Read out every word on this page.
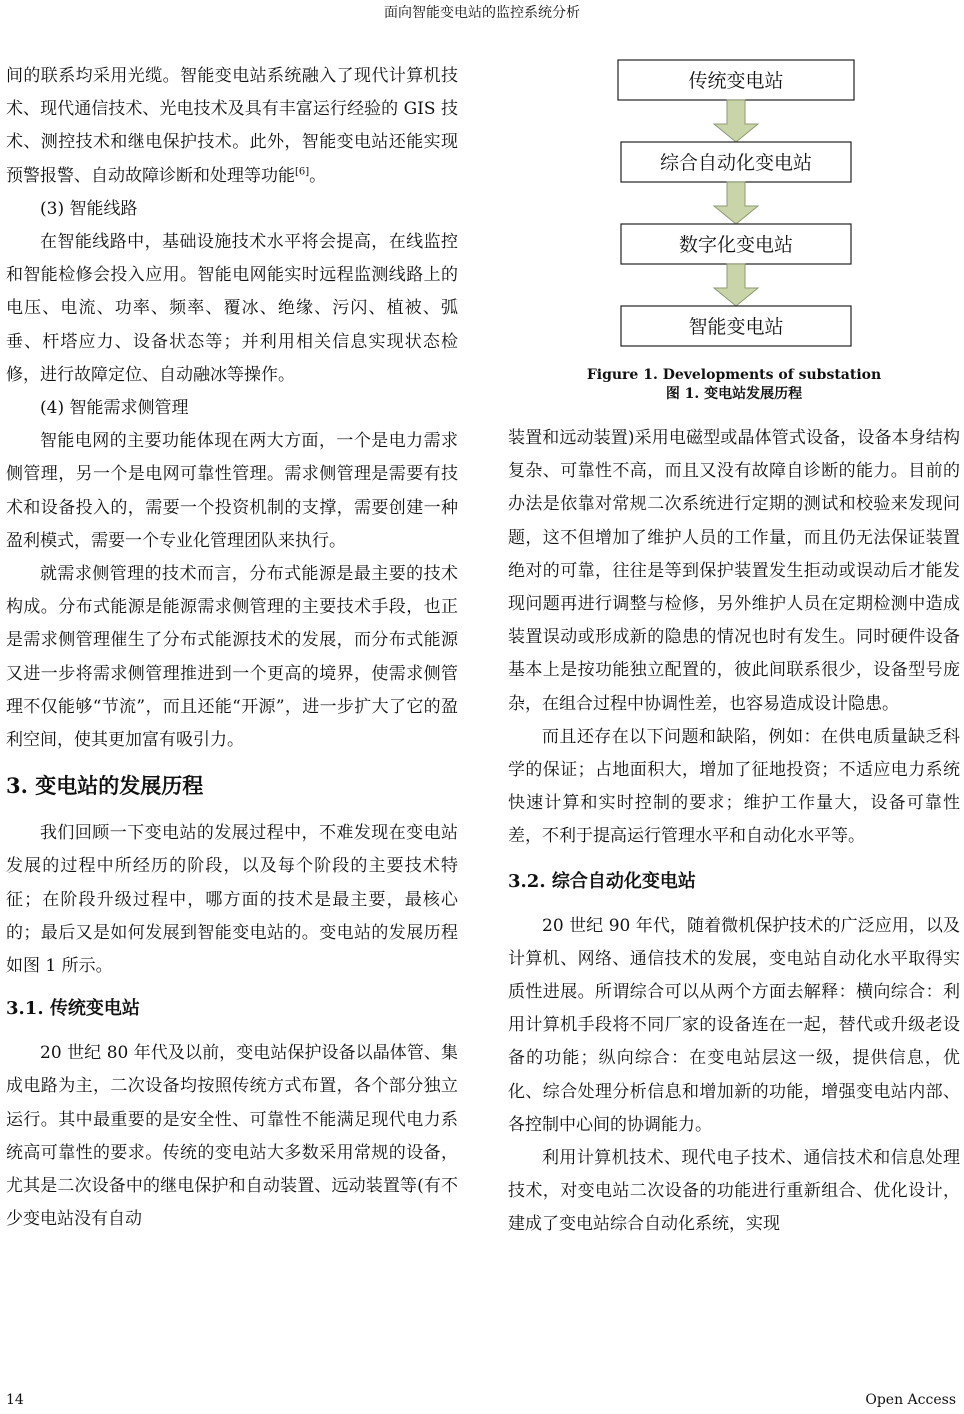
面向智能变电站的监控系统分析

间的联系均采用光缆。智能变电站系统融入了现代计算机技术、现代通信技术、光电技术及具有丰富运行经验的 GIS 技术、测控技术和继电保护技术。此外，智能变电站还能实现预警报警、自动故障诊断和处理等功能[6]。

(3) 智能线路

在智能线路中，基础设施技术水平将会提高，在线监控和智能检修会投入应用。智能电网能实时远程监测线路上的电压、电流、功率、频率、覆冰、绝缘、污闪、植被、弧垂、杆塔应力、设备状态等；并利用相关信息实现状态检修，进行故障定位、自动融冰等操作。

(4) 智能需求侧管理

智能电网的主要功能体现在两大方面，一个是电力需求侧管理，另一个是电网可靠性管理。需求侧管理是需要有技术和设备投入的，需要一个投资机制的支撑，需要创建一种盈利模式，需要一个专业化管理团队来执行。

就需求侧管理的技术而言，分布式能源是最主要的技术构成。分布式能源是能源需求侧管理的主要技术手段，也正是需求侧管理催生了分布式能源技术的发展，而分布式能源又进一步将需求侧管理推进到一个更高的境界，使需求侧管理不仅能够“节流”，而且还能“开源”，进一步扩大了它的盈利空间，使其更加富有吸引力。

3. 变电站的发展历程

我们回顾一下变电站的发展过程中，不难发现在变电站发展的过程中所经历的阶段，以及每个阶段的主要技术特征；在阶段升级过程中，哪方面的技术是最主要，最核心的；最后又是如何发展到智能变电站的。变电站的发展历程如图 1 所示。

3.1. 传统变电站

20 世纪 80 年代及以前，变电站保护设备以晶体管、集成电路为主，二次设备均按照传统方式布置，各个部分独立运行。其中最重要的是安全性、可靠性不能满足现代电力系统高可靠性的要求。传统的变电站大多数采用常规的设备，尤其是二次设备中的继电保护和自动装置、远动装置等(有不少变电站没有自动

传统变电站
综合自动化变电站
数字化变电站
智能变电站
Figure 1. Developments of substation
图 1. 变电站发展历程

装置和远动装置)采用电磁型或晶体管式设备，设备本身结构复杂、可靠性不高，而且又没有故障自诊断的能力。目前的办法是依靠对常规二次系统进行定期的测试和校验来发现问题，这不但增加了维护人员的工作量，而且仍无法保证装置绝对的可靠，往往是等到保护装置发生拒动或误动后才能发现问题再进行调整与检修，另外维护人员在定期检测中造成装置误动或形成新的隐患的情况也时有发生。同时硬件设备基本上是按功能独立配置的，彼此间联系很少，设备型号庞杂，在组合过程中协调性差，也容易造成设计隐患。

而且还存在以下问题和缺陷，例如：在供电质量缺乏科学的保证；占地面积大，增加了征地投资；不适应电力系统快速计算和实时控制的要求；维护工作量大，设备可靠性差，不利于提高运行管理水平和自动化水平等。

3.2. 综合自动化变电站

20 世纪 90 年代，随着微机保护技术的广泛应用，以及计算机、网络、通信技术的发展，变电站自动化水平取得实质性进展。所谓综合可以从两个方面去解释：横向综合：利用计算机手段将不同厂家的设备连在一起，替代或升级老设备的功能；纵向综合：在变电站层这一级，提供信息，优化、综合处理分析信息和增加新的功能，增强变电站内部、各控制中心间的协调能力。

利用计算机技术、现代电子技术、通信技术和信息处理技术，对变电站二次设备的功能进行重新组合、优化设计，建成了变电站综合自动化系统，实现

14	Open Access
